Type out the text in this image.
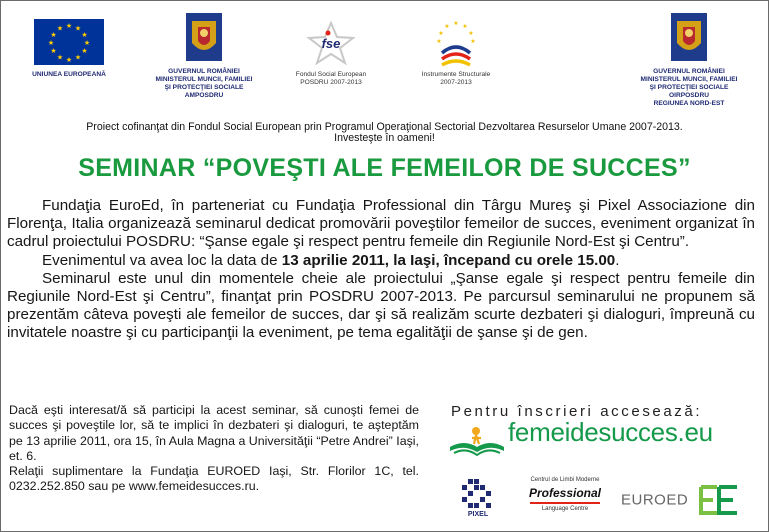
★ ★
★
★
★
★
★
★
★
★
★
★
UNIUNEA EUROPEANĂ	GUVERNUL ROMÂNIEI
MINISTERUL MUNCII, FAMILIEI
ŞI PROTECŢIEI SOCIALE
AMPOSDRU
fse
Fondul Social European
POSDRU 2007-2013
★ ★
★
★
★
★	★
Instrumente Structurale
2007-2013
GUVERNUL ROMÂNIEI
MINISTERUL MUNCII, FAMILIEI
ŞI PROTECŢIEI SOCIALE
OIRPOSDRU
REGIUNEA NORD-EST
Proiect cofinanţat din Fondul Social European prin Programul Operaţional Sectorial Dezvoltarea Resurselor Umane 2007-2013.
Investeşte în oameni!
SEMINAR “POVEŞTI ALE FEMEILOR DE SUCCES”

Fundaţia EuroEd, în parteneriat cu Fundaţia Professional din Târgu Mureş şi Pixel Associazione din Florenţa, Italia organizează seminarul dedicat promovării poveştilor femeilor de succes, eveniment organizat în cadrul proiectului POSDRU: “Şanse egale şi respect pentru femeile din Regiunile Nord-Est şi Centru”.

Evenimentul va avea loc la data de 13 aprilie 2011, la Iaşi, începand cu orele 15.00.

Seminarul este unul din momentele cheie ale proiectului „Şanse egale şi respect pentru femeile din Regiunile Nord-Est şi Centru”, finanţat prin POSDRU 2007-2013. Pe parcursul seminarului ne propunem să prezentăm câteva poveşti ale femeilor de succes, dar şi să realizăm scurte dezbateri şi dialoguri, împreună cu invitatele noastre şi cu participanţii la eveniment, pe tema egalităţii de şanse şi de gen.

Dacă eşti interesat/ă să participi la acest seminar, să cunoşti femei de succes şi poveştile lor, să te implici în dezbateri şi dialoguri, te aşteptăm pe 13 aprilie 2011, ora 15, în Aula Magna a Universităţii “Petre Andrei” Iaşi, et. 6.

Relaţii suplimentare la Fundaţia EUROED Iaşi, Str. Florilor 1C, tel. 0232.252.850 sau pe www.femeidesucces.ru.

Pentru înscrieri accesează:
femeidesucces.eu
PIXEL
Centrul de Limbi Moderne
Professional
Language Centre
EUROED
